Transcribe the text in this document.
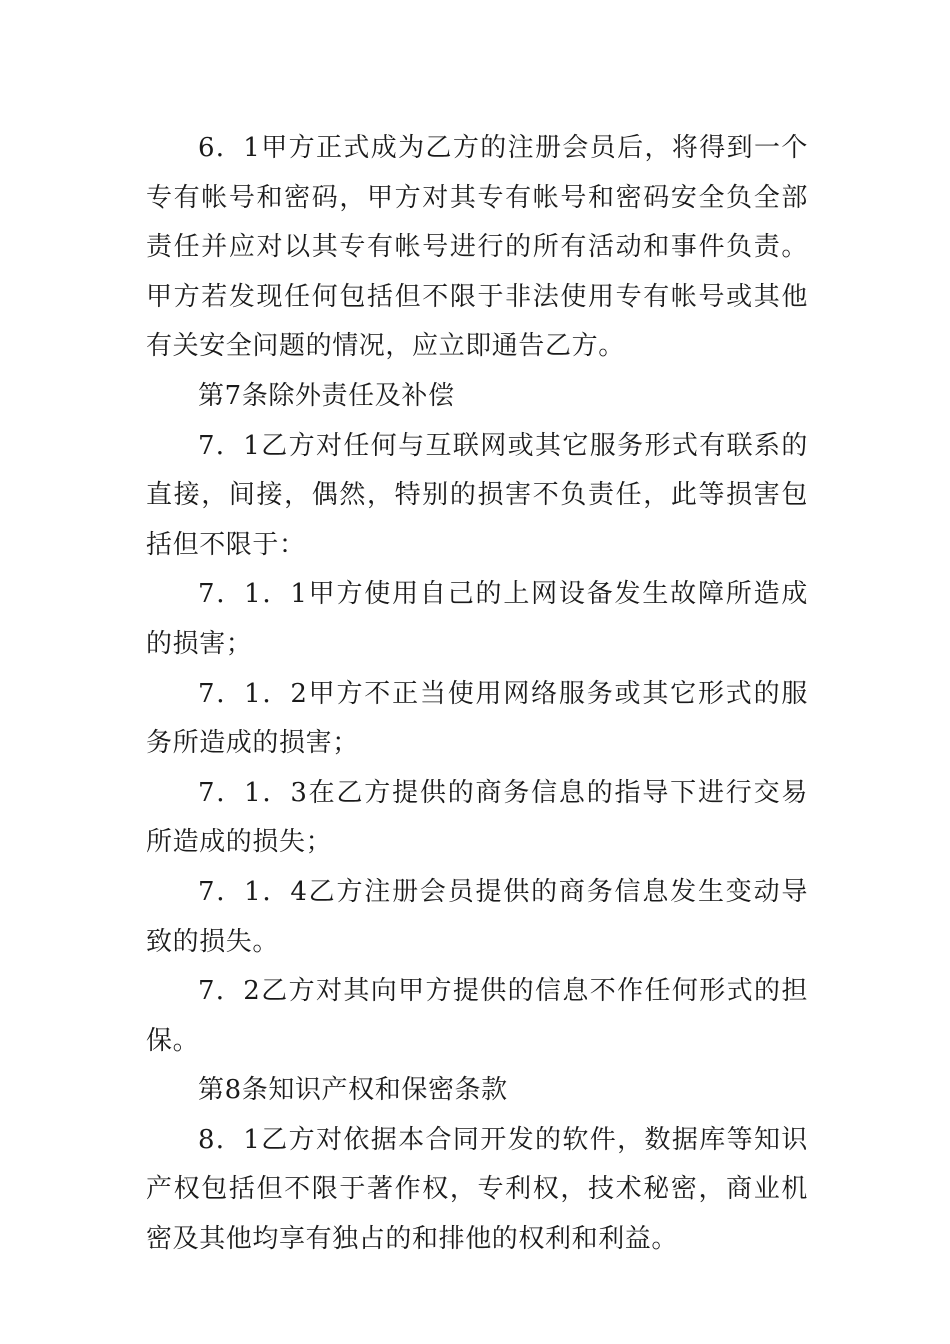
6．1甲方正式成为乙方的注册会员后，将得到一个专有帐号和密码，甲方对其专有帐号和密码安全负全部责任并应对以其专有帐号进行的所有活动和事件负责。甲方若发现任何包括但不限于非法使用专有帐号或其他有关安全问题的情况，应立即通告乙方。

第7条除外责任及补偿

7．1乙方对任何与互联网或其它服务形式有联系的直接，间接，偶然，特别的损害不负责任，此等损害包括但不限于：

7．1．1甲方使用自己的上网设备发生故障所造成的损害；

7．1．2甲方不正当使用网络服务或其它形式的服务所造成的损害；

7．1．3在乙方提供的商务信息的指导下进行交易所造成的损失；

7．1．4乙方注册会员提供的商务信息发生变动导致的损失。

7．2乙方对其向甲方提供的信息不作任何形式的担保。

第8条知识产权和保密条款

8．1乙方对依据本合同开发的软件，数据库等知识产权包括但不限于著作权，专利权，技术秘密，商业机密及其他均享有独占的和排他的权利和利益。
